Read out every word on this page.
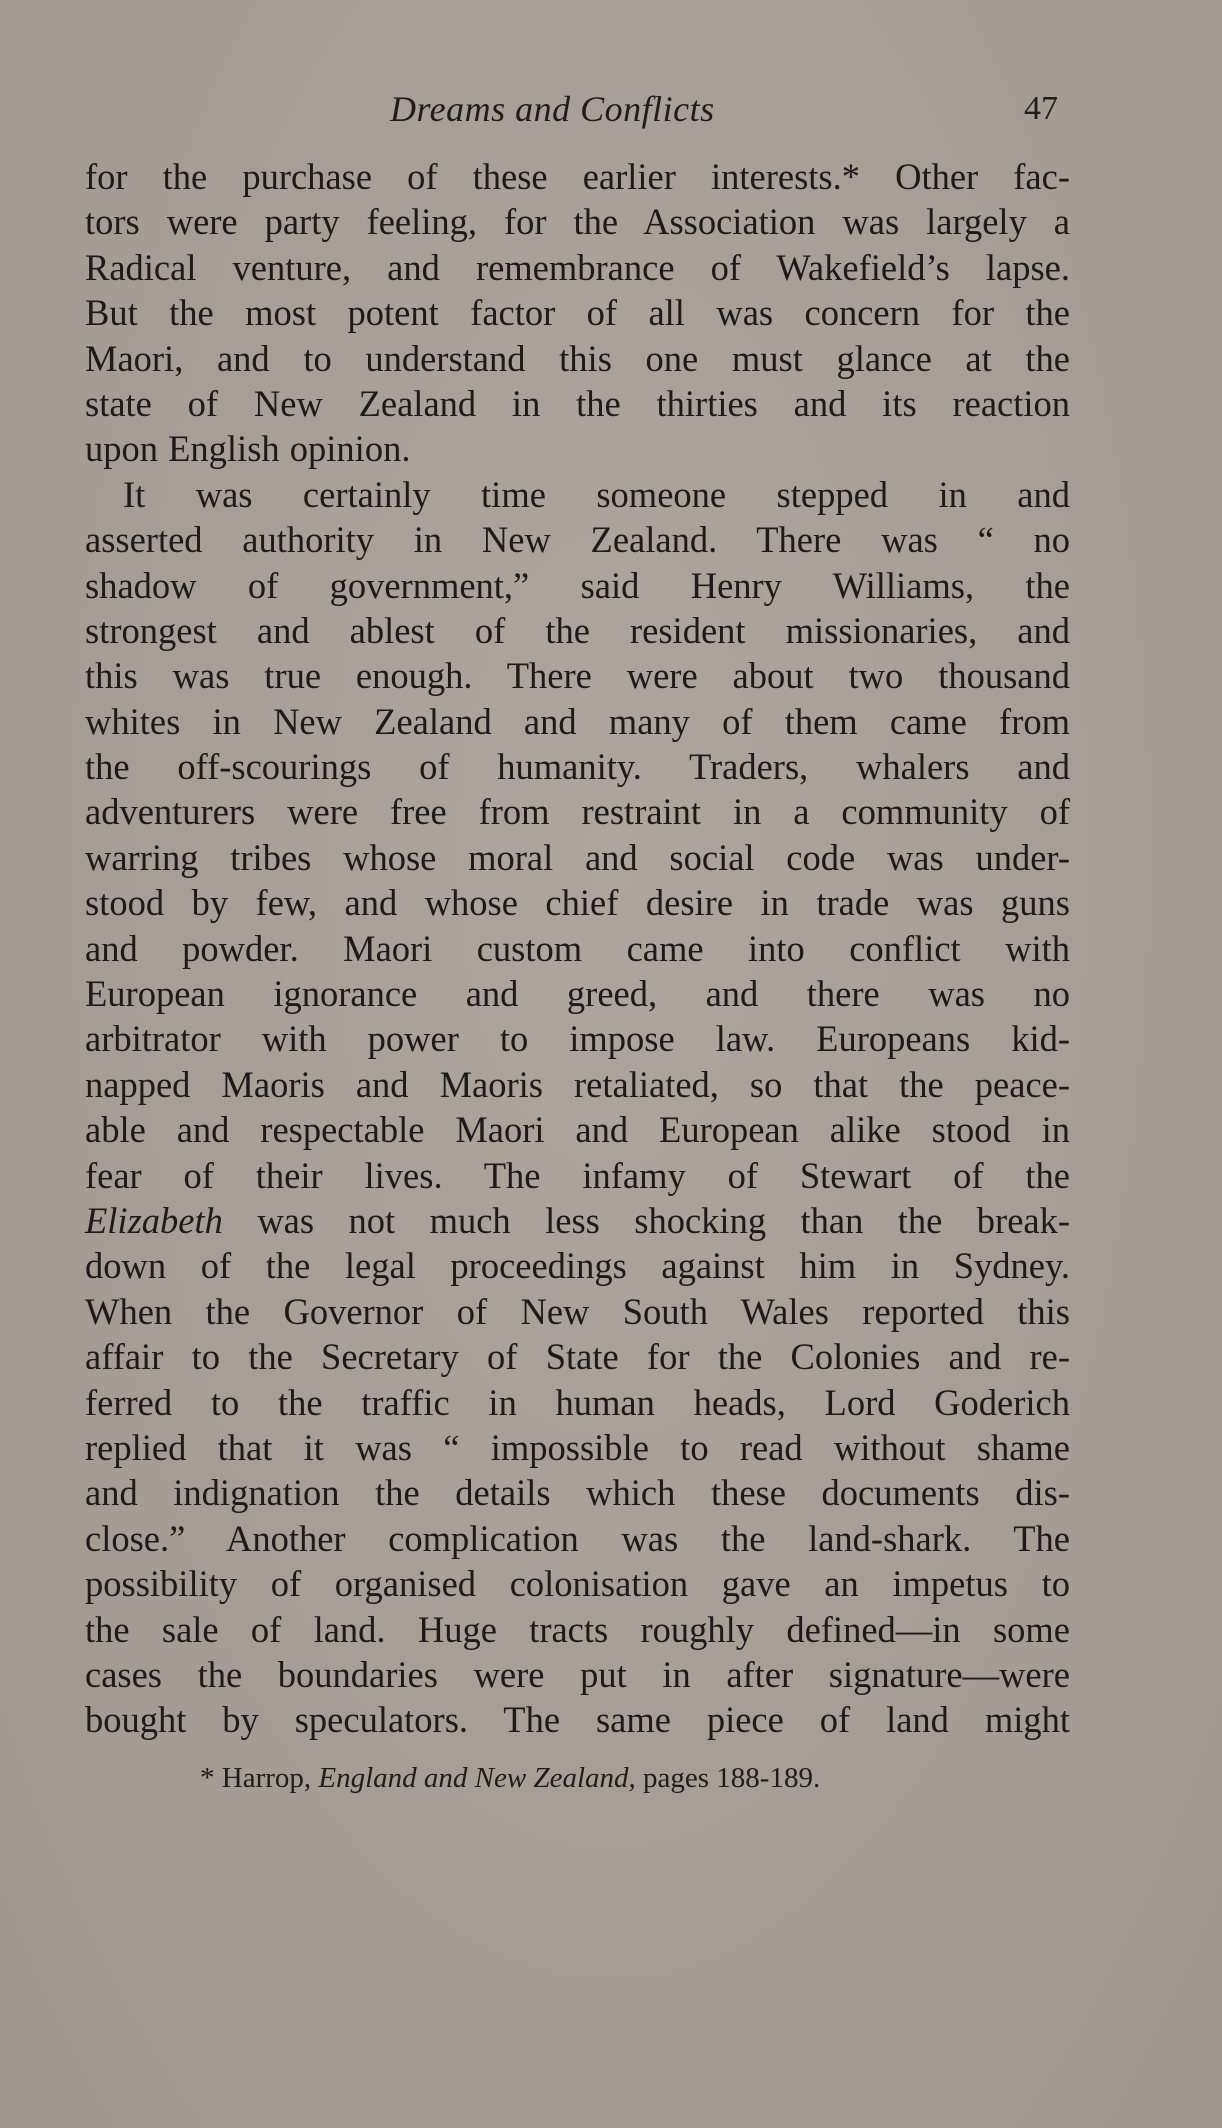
Dreams and Conflicts	47
for the purchase of these earlier interests.* Other fac-
tors were party feeling, for the Association was largely a
Radical venture, and remembrance of Wakefield’s lapse.
But the most potent factor of all was concern for the
Maori, and to understand this one must glance at the
state of New Zealand in the thirties and its reaction
upon English opinion.
It was certainly time someone stepped in and
asserted authority in New Zealand. There was “ no
shadow of government,” said Henry Williams, the
strongest and ablest of the resident missionaries, and
this was true enough. There were about two thousand
whites in New Zealand and many of them came from
the off-scourings of humanity. Traders, whalers and
adventurers were free from restraint in a community of
warring tribes whose moral and social code was under-
stood by few, and whose chief desire in trade was guns
and powder. Maori custom came into conflict with
European ignorance and greed, and there was no
arbitrator with power to impose law. Europeans kid-
napped Maoris and Maoris retaliated, so that the peace-
able and respectable Maori and European alike stood in
fear of their lives. The infamy of Stewart of the
Elizabeth was not much less shocking than the break-
down of the legal proceedings against him in Sydney.
When the Governor of New South Wales reported this
affair to the Secretary of State for the Colonies and re-
ferred to the traffic in human heads, Lord Goderich
replied that it was “ impossible to read without shame
and indignation the details which these documents dis-
close.” Another complication was the land-shark. The
possibility of organised colonisation gave an impetus to
the sale of land. Huge tracts roughly defined—in some
cases the boundaries were put in after signature—were
bought by speculators. The same piece of land might
* Harrop, England and New Zealand, pages 188-189.
